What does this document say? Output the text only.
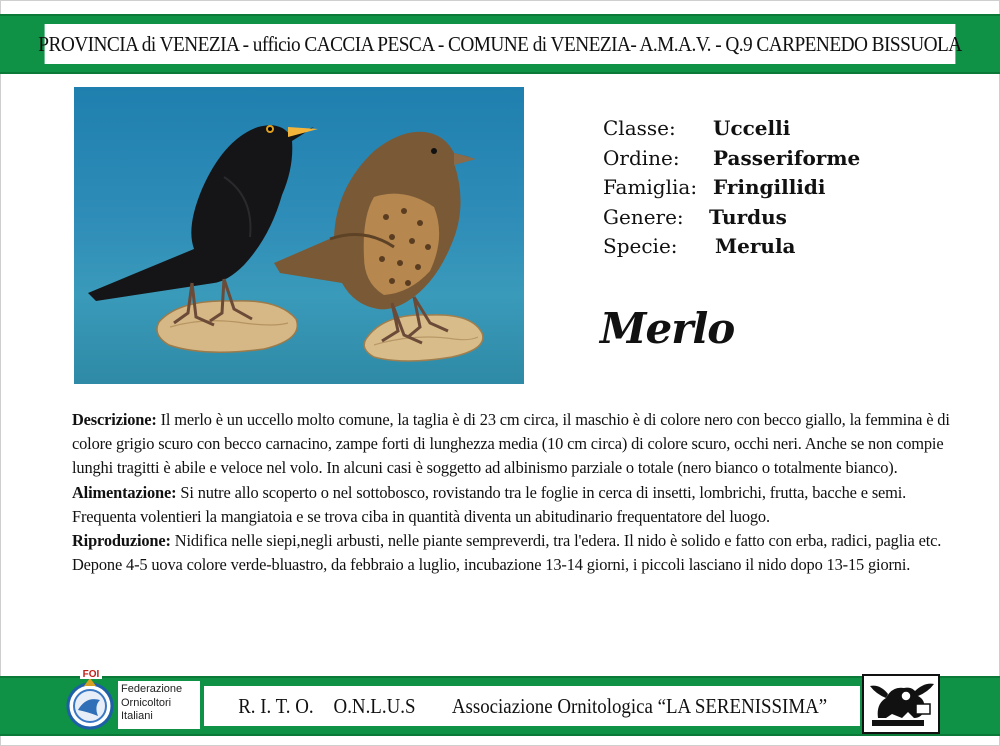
PROVINCIA di VENEZIA - ufficio CACCIA PESCA - COMUNE di VENEZIA- A.M.A.V. - Q.9 CARPENEDO BISSUOLA
Classe:	Uccelli
Ordine:	Passeriforme
Famiglia: Fringillidi
Genere:	Turdus
Specie:	Merula
Merlo

Descrizione: Il merlo è un uccello molto comune, la taglia è di 23 cm circa, il maschio è di colore nero con becco giallo, la femmina è di colore grigio scuro con becco carnacino, zampe forti di lunghezza media (10 cm circa) di colore scuro, occhi neri. Anche se non compie lunghi tragitti è abile e veloce nel volo. In alcuni casi è soggetto ad albinismo parziale o totale (nero bianco o totalmente bianco).

Alimentazione: Si nutre allo scoperto o nel sottobosco, rovistando tra le foglie in cerca di insetti, lombrichi, frutta, bacche e semi. Frequenta volentieri la mangiatoia e se trova ciba in quantità diventa un abitudinario frequentatore del luogo.

Riproduzione: Nidifica nelle siepi,negli arbusti, nelle piante sempreverdi, tra l'edera. Il nido è solido e fatto con erba, radici, paglia etc. Depone 4-5 uova colore verde-bluastro, da febbraio a luglio, incubazione 13-14 giorni, i piccoli lasciano il nido dopo 13-15 giorni.

R. I. T. O. O.N.L.U.S Associazione Ornitologica “LA SERENISSIMA”
FOI
Federazione
Ornicoltori
Italiani
